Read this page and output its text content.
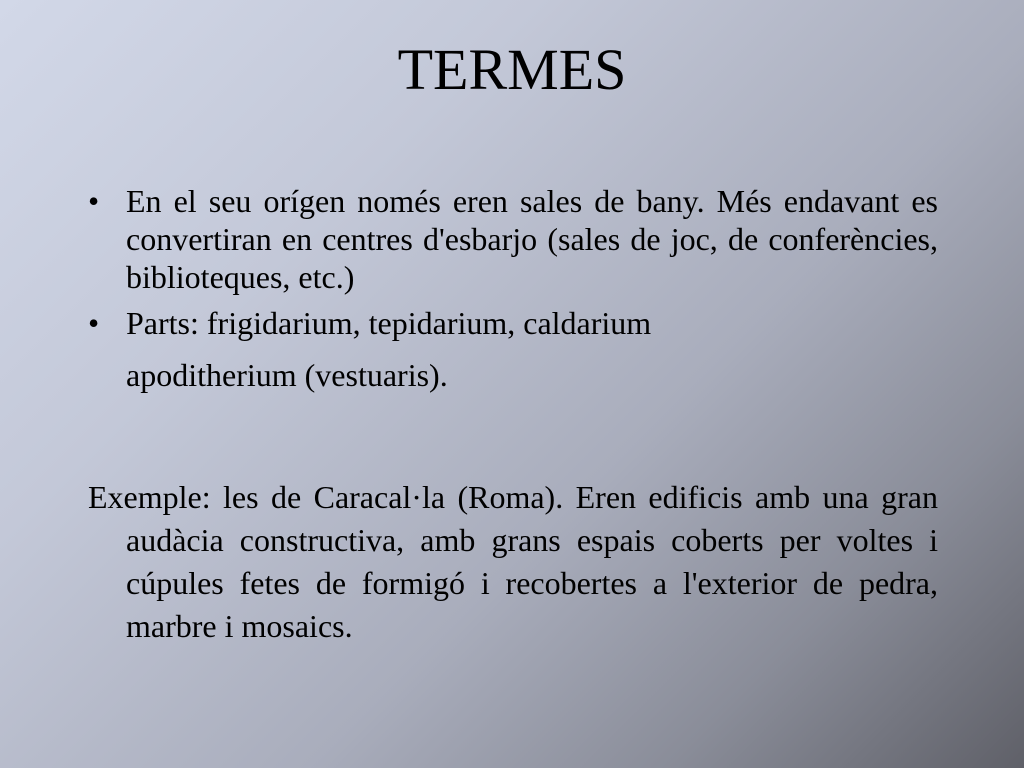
TERMES
• En el seu orígen només eren sales de bany. Més endavant es convertiran en centres d'esbarjo (sales de joc, de conferències, biblioteques, etc.)
• Parts: frigidarium, tepidarium, caldarium
apoditherium (vestuaris).
Exemple: les de Caracal·la (Roma). Eren edificis amb una gran audàcia constructiva, amb grans espais coberts per voltes i cúpules fetes de formigó i recobertes a l'exterior de pedra, marbre i mosaics.
